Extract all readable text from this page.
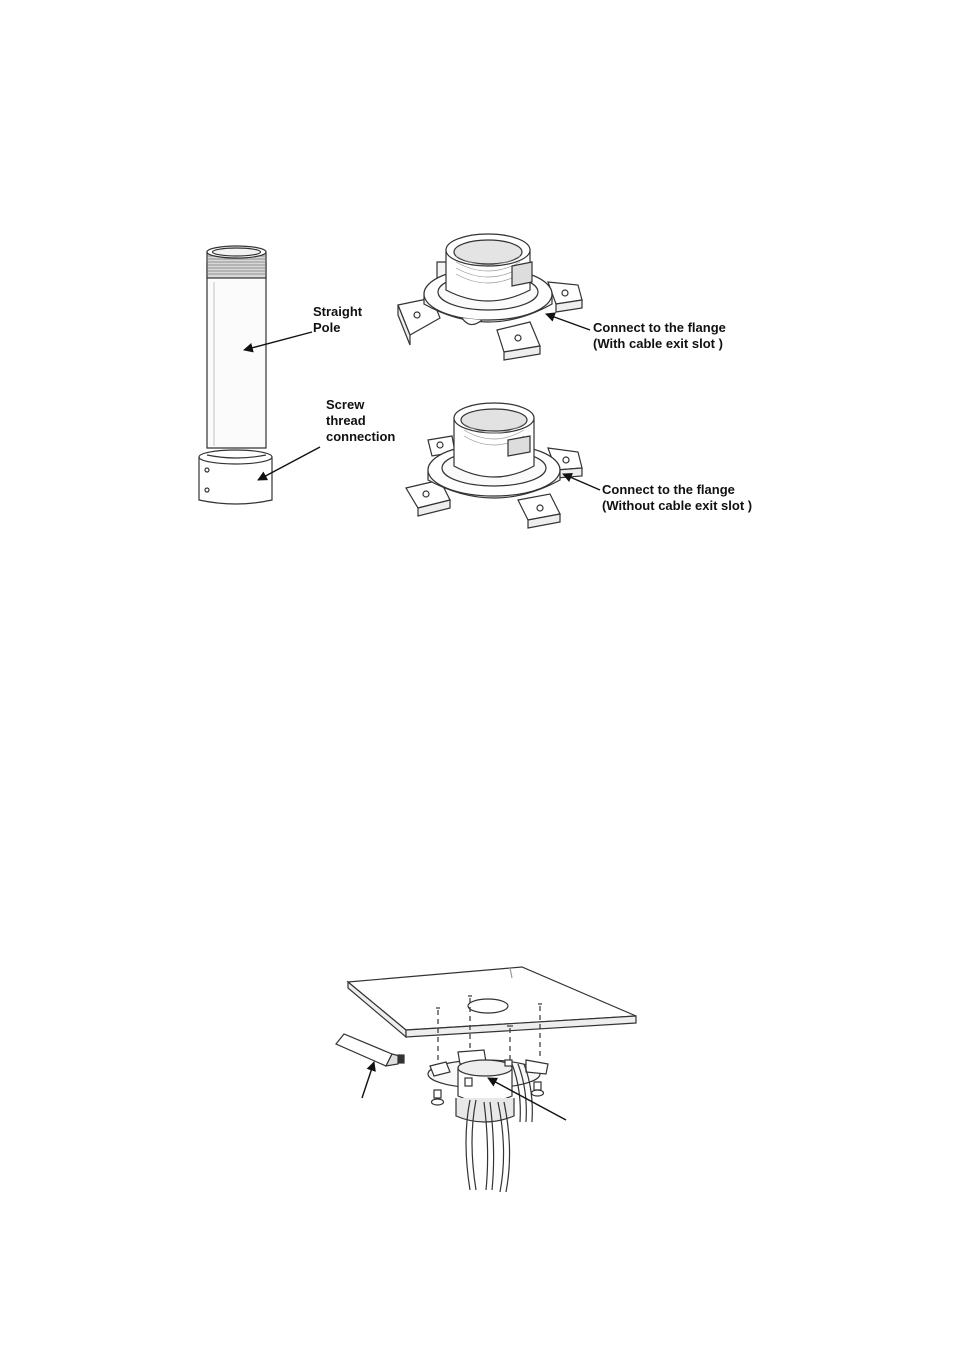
Straight
Pole
Screw
thread
connection
Connect to the flange
(With cable exit slot )
Connect to the flange
(Without cable exit slot )
